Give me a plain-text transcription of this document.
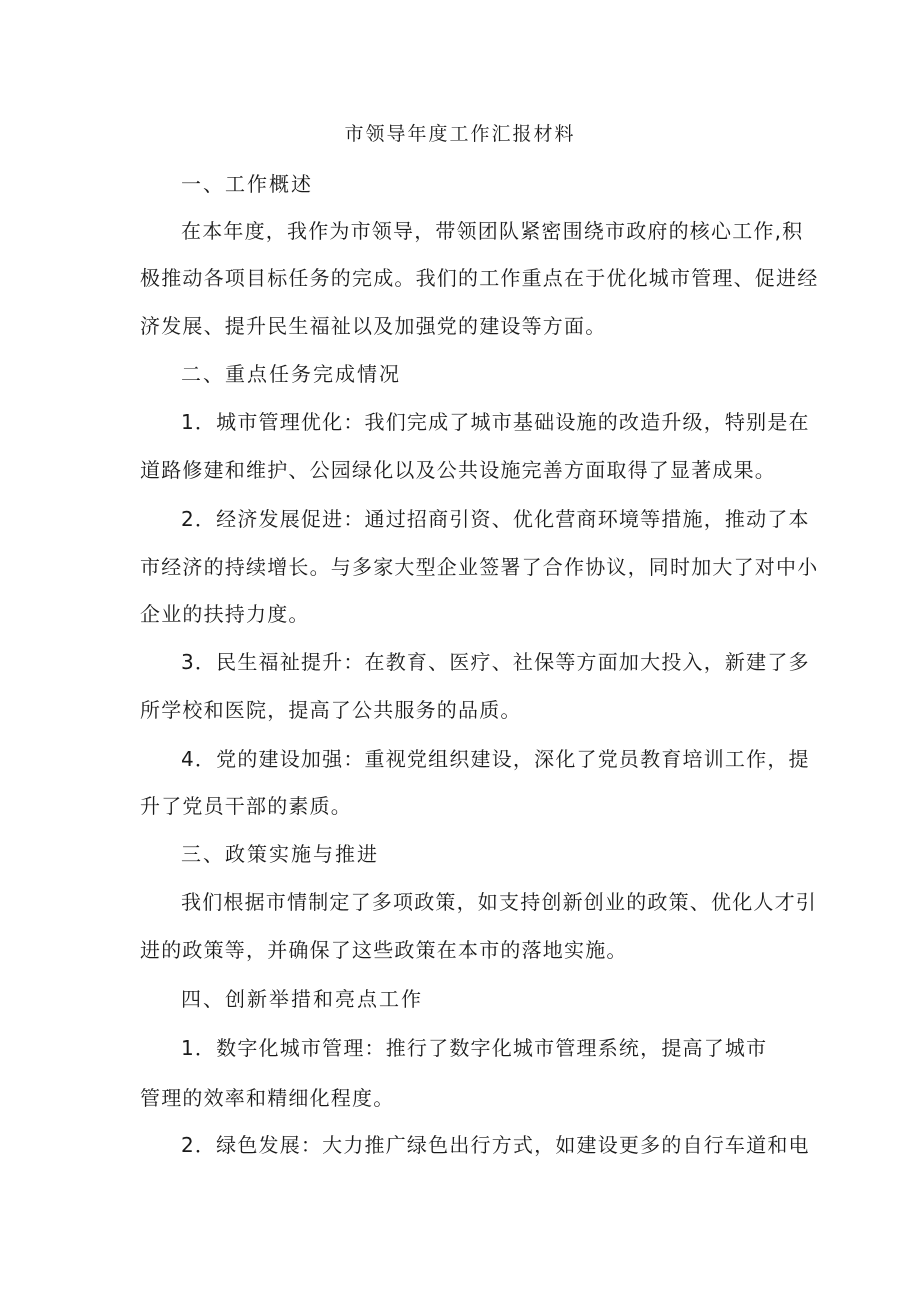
市领导年度工作汇报材料
一、工作概述
在本年度，我作为市领导，带领团队紧密围绕市政府的核心工作,积
极推动各项目标任务的完成。我们的工作重点在于优化城市管理、促进经
济发展、提升民生福祉以及加强党的建设等方面。
二、重点任务完成情况
1．城市管理优化：我们完成了城市基础设施的改造升级，特别是在
道路修建和维护、公园绿化以及公共设施完善方面取得了显著成果。
2．经济发展促进：通过招商引资、优化营商环境等措施，推动了本
市经济的持续增长。与多家大型企业签署了合作协议，同时加大了对中小
企业的扶持力度。
3．民生福祉提升：在教育、医疗、社保等方面加大投入，新建了多
所学校和医院，提高了公共服务的品质。
4．党的建设加强：重视党组织建设，深化了党员教育培训工作，提
升了党员干部的素质。
三、政策实施与推进
我们根据市情制定了多项政策，如支持创新创业的政策、优化人才引
进的政策等，并确保了这些政策在本市的落地实施。
四、创新举措和亮点工作
1．数字化城市管理：推行了数字化城市管理系统，提高了城市
管理的效率和精细化程度。
2．绿色发展：大力推广绿色出行方式，如建设更多的自行车道和电
